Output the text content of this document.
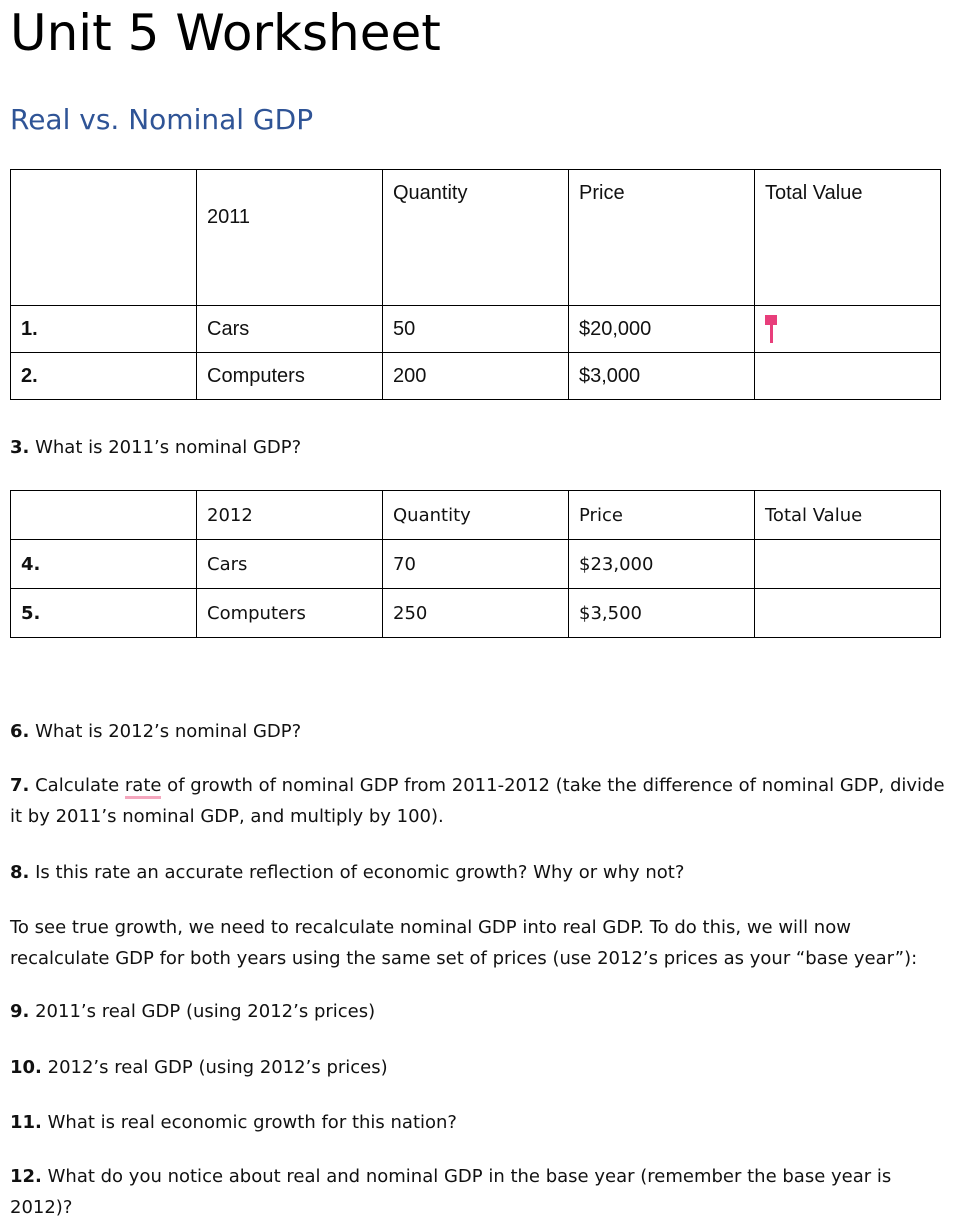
Unit 5 Worksheet
Real vs. Nominal GDP
	2011	Quantity	Price	Total Value
1.	Cars	50	$20,000	

2.	Computers	200	$3,000	
3. What is 2011’s nominal GDP?
	2012	Quantity	Price	Total Value
4.	Cars	70	$23,000	
5.	Computers	250	$3,500	
6. What is 2012’s nominal GDP?
7. Calculate rate of growth of nominal GDP from 2011-2012 (take the difference of nominal GDP, divide it by 2011’s nominal GDP, and multiply by 100).
8. Is this rate an accurate reflection of economic growth? Why or why not?
To see true growth, we need to recalculate nominal GDP into real GDP. To do this, we will now recalculate GDP for both years using the same set of prices (use 2012’s prices as your “base year”):
9. 2011’s real GDP (using 2012’s prices)
10. 2012’s real GDP (using 2012’s prices)
11. What is real economic growth for this nation?
12. What do you notice about real and nominal GDP in the base year (remember the base year is 2012)?
